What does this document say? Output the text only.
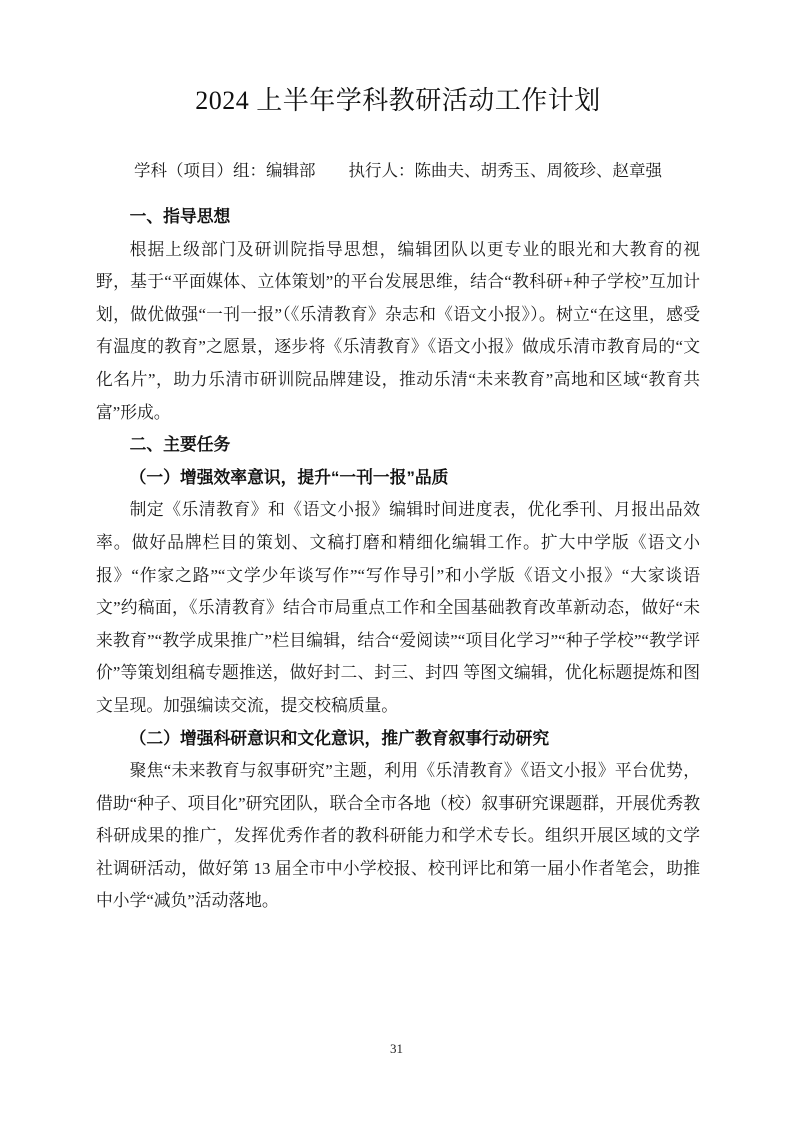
2024 上半年学科教研活动工作计划
学科（项目）组：编辑部 执行人：陈曲夫、胡秀玉、周筱珍、赵章强
一、指导思想
根据上级部门及研训院指导思想，编辑团队以更专业的眼光和大教育的视野，基于“平面媒体、立体策划”的平台发展思维，结合“教科研+种子学校”互加计划，做优做强“一刊一报”（《乐清教育》杂志和《语文小报》）。树立“在这里，感受有温度的教育”之愿景，逐步将《乐清教育》《语文小报》做成乐清市教育局的“文化名片”，助力乐清市研训院品牌建设，推动乐清“未来教育”高地和区域“教育共富”形成。
二、主要任务
（一）增强效率意识，提升“一刊一报”品质
制定《乐清教育》和《语文小报》编辑时间进度表，优化季刊、月报出品效率。做好品牌栏目的策划、文稿打磨和精细化编辑工作。扩大中学版《语文小报》“作家之路”“文学少年谈写作”“写作导引”和小学版《语文小报》“大家谈语文”约稿面，《乐清教育》结合市局重点工作和全国基础教育改革新动态，做好“未来教育”“教学成果推广”栏目编辑，结合“爱阅读”“项目化学习”“种子学校”“教学评价”等策划组稿专题推送，做好封二、封三、封四 等图文编辑，优化标题提炼和图文呈现。加强编读交流，提交校稿质量。
（二）增强科研意识和文化意识，推广教育叙事行动研究
聚焦“未来教育与叙事研究”主题，利用《乐清教育》《语文小报》平台优势，借助“种子、项目化”研究团队，联合全市各地（校）叙事研究课题群，开展优秀教科研成果的推广，发挥优秀作者的教科研能力和学术专长。组织开展区域的文学社调研活动，做好第 13 届全市中小学校报、校刊评比和第一届小作者笔会，助推中小学“减负”活动落地。
31
